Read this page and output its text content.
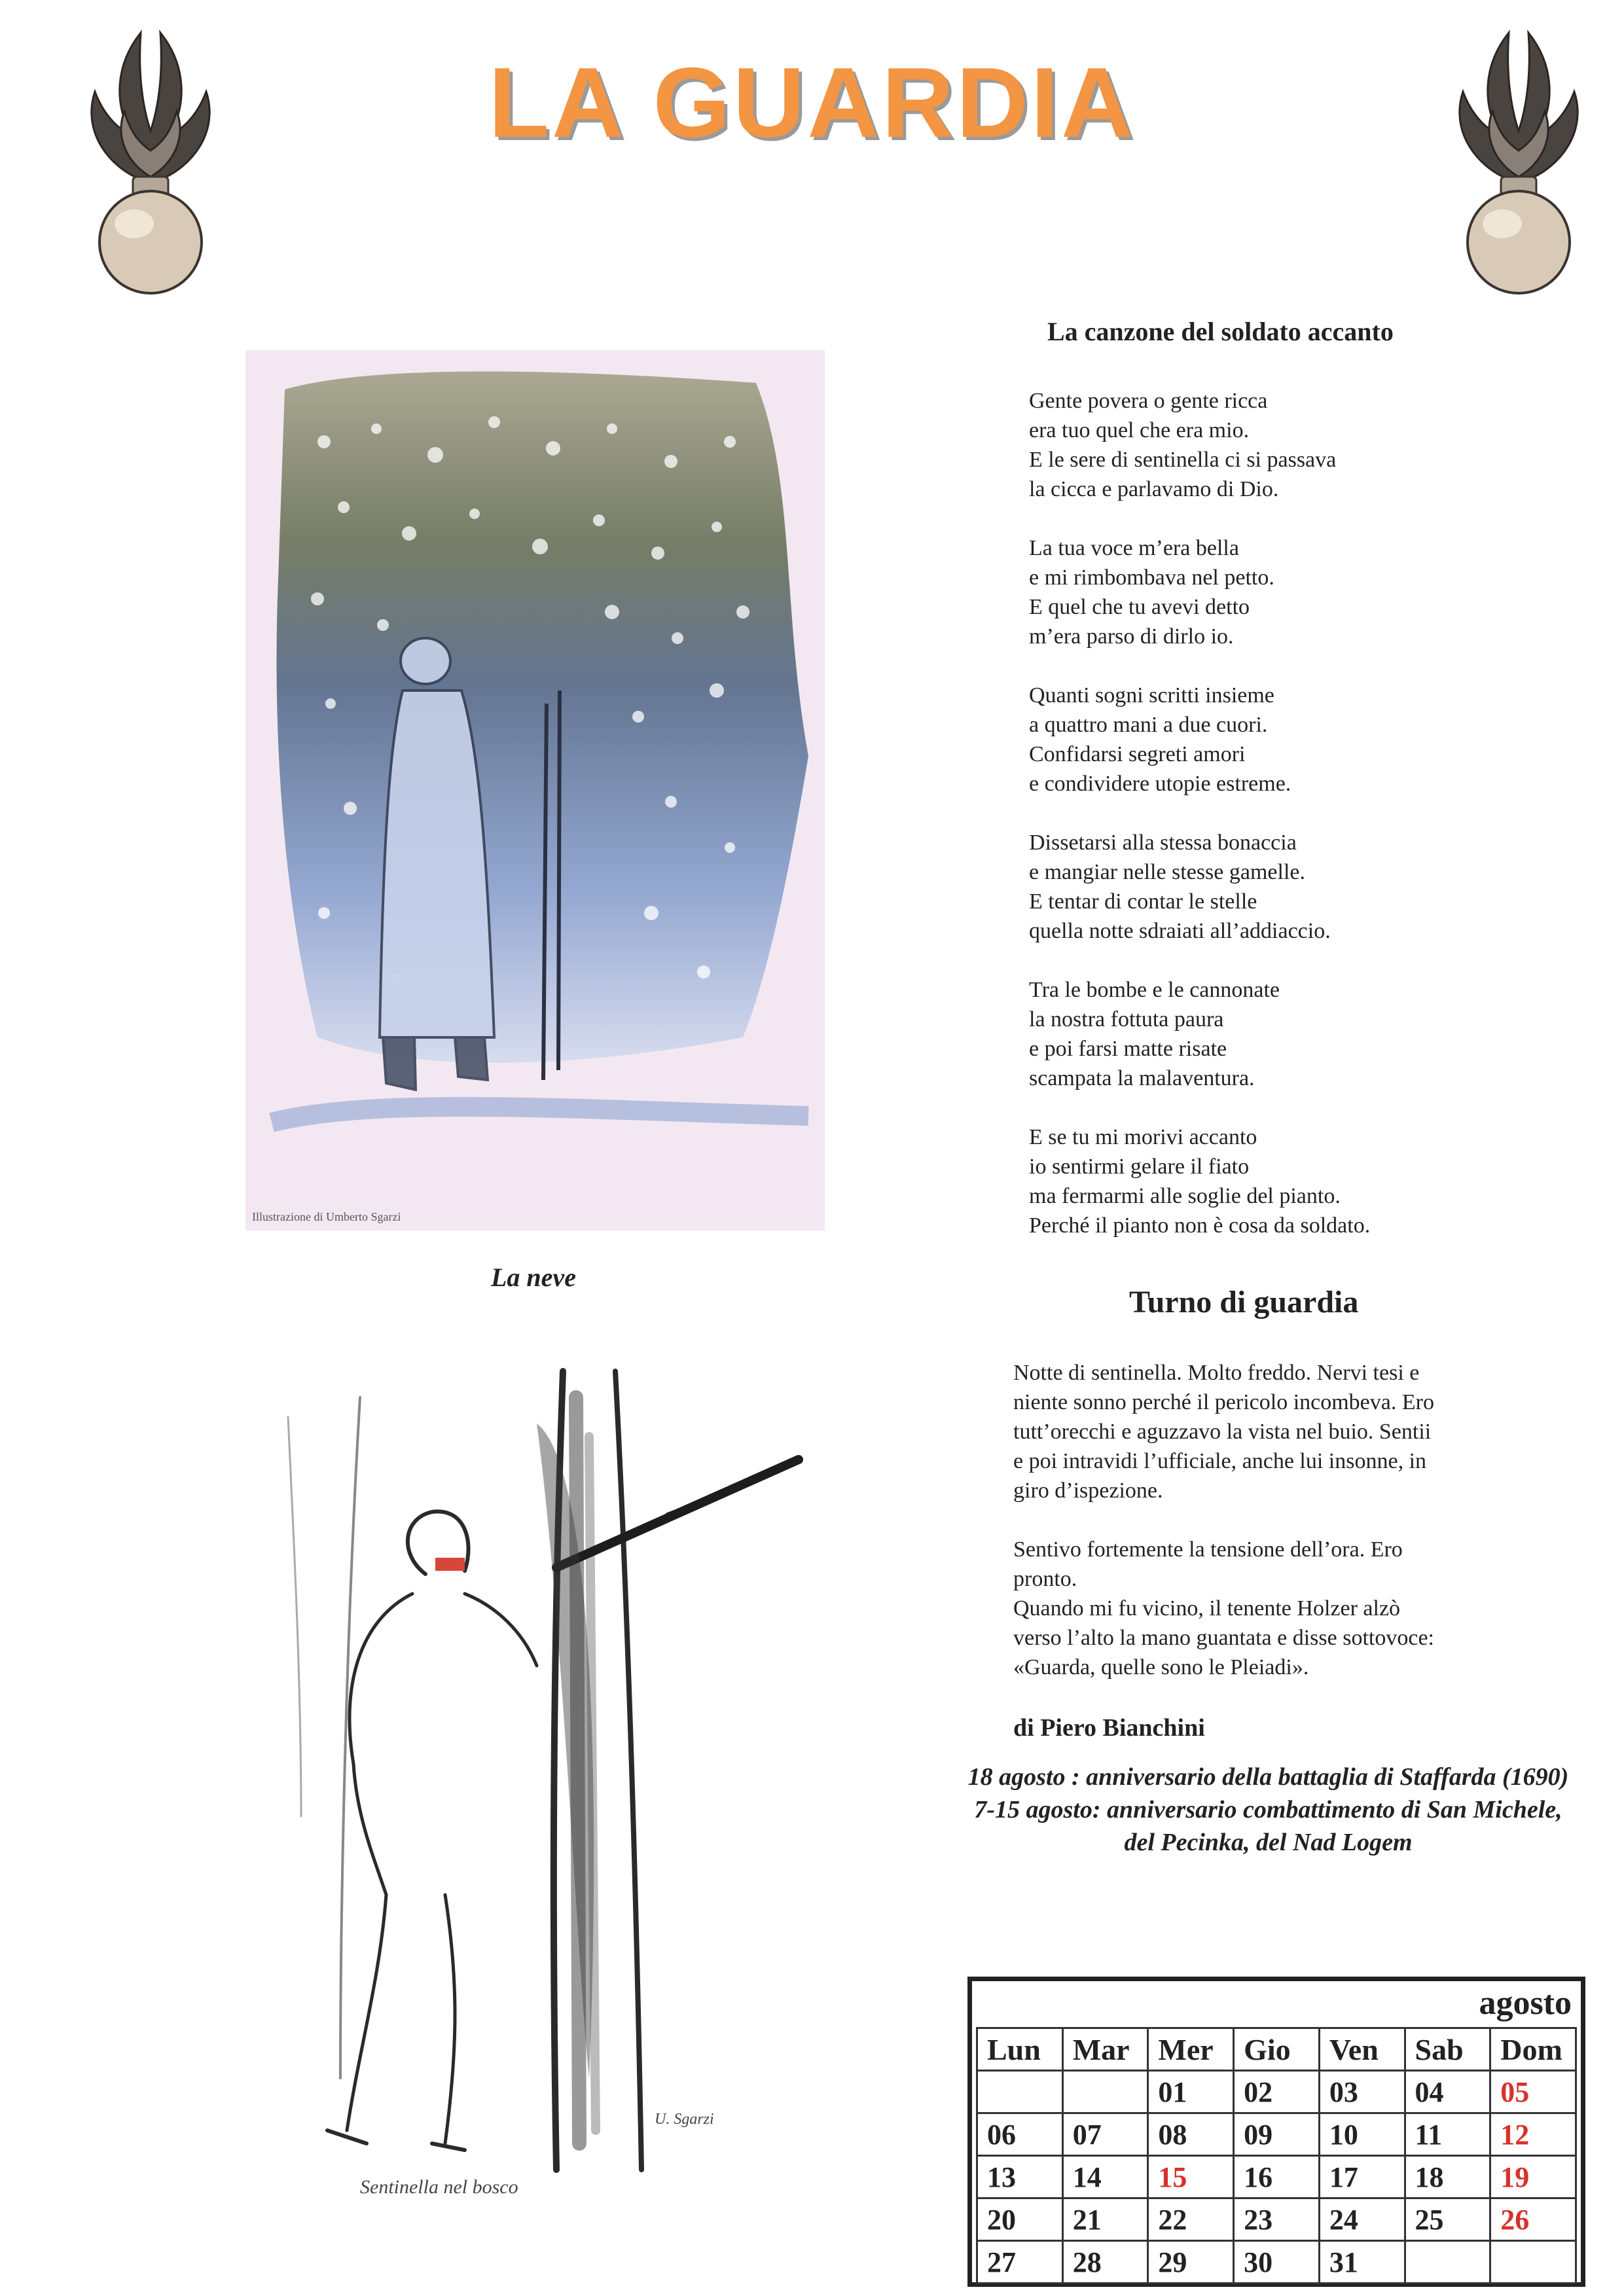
LA GUARDIA
Illustrazione di Umberto Sgarzi
La canzone del soldato accanto
Gente povera o gente ricca
era tuo quel che era mio.
E le sere di sentinella ci si passava
la cicca e parlavamo di Dio.
La tua voce m’era bella
e mi rimbombava nel petto.
E quel che tu avevi detto
m’era parso di dirlo io.
Quanti sogni scritti insieme
a quattro mani a due cuori.
Confidarsi segreti amori
e condividere utopie estreme.
Dissetarsi alla stessa bonaccia
e mangiar nelle stesse gamelle.
E tentar di contar le stelle
quella notte sdraiati all’addiaccio.
Tra le bombe e le cannonate
la nostra fottuta paura
e poi farsi matte risate
scampata la malaventura.
E se tu mi morivi accanto
io sentirmi gelare il fiato
ma fermarmi alle soglie del pianto.
Perché il pianto non è cosa da soldato.
La neve
Turno di guardia

Notte di sentinella. Molto freddo. Nervi tesi e
niente sonno perché il pericolo incombeva. Ero
tutt’orecchi e aguzzavo la vista nel buio. Sentii
e poi intravidi l’ufficiale, anche lui insonne, in
giro d’ispezione.

Sentivo fortemente la tensione dell’ora. Ero
pronto.
Quando mi fu vicino, il tenente Holzer alzò
verso l’alto la mano guantata e disse sottovoce:
«Guarda, quelle sono le Pleiadi».

di Piero Bianchini
18 agosto : anniversario della battaglia di Staffarda (1690)
7-15 agosto: anniversario combattimento di San Michele,
del Pecinka, del Nad Logem
Sentinella nel bosco
U. Sgarzi
agosto
Lun	Mar	Mer	Gio	Ven	Sab	Dom
		01	02	03	04	05
06	07	08	09	10	11	12
13	14	15	16	17	18	19
20	21	22	23	24	25	26
27	28	29	30	31		
